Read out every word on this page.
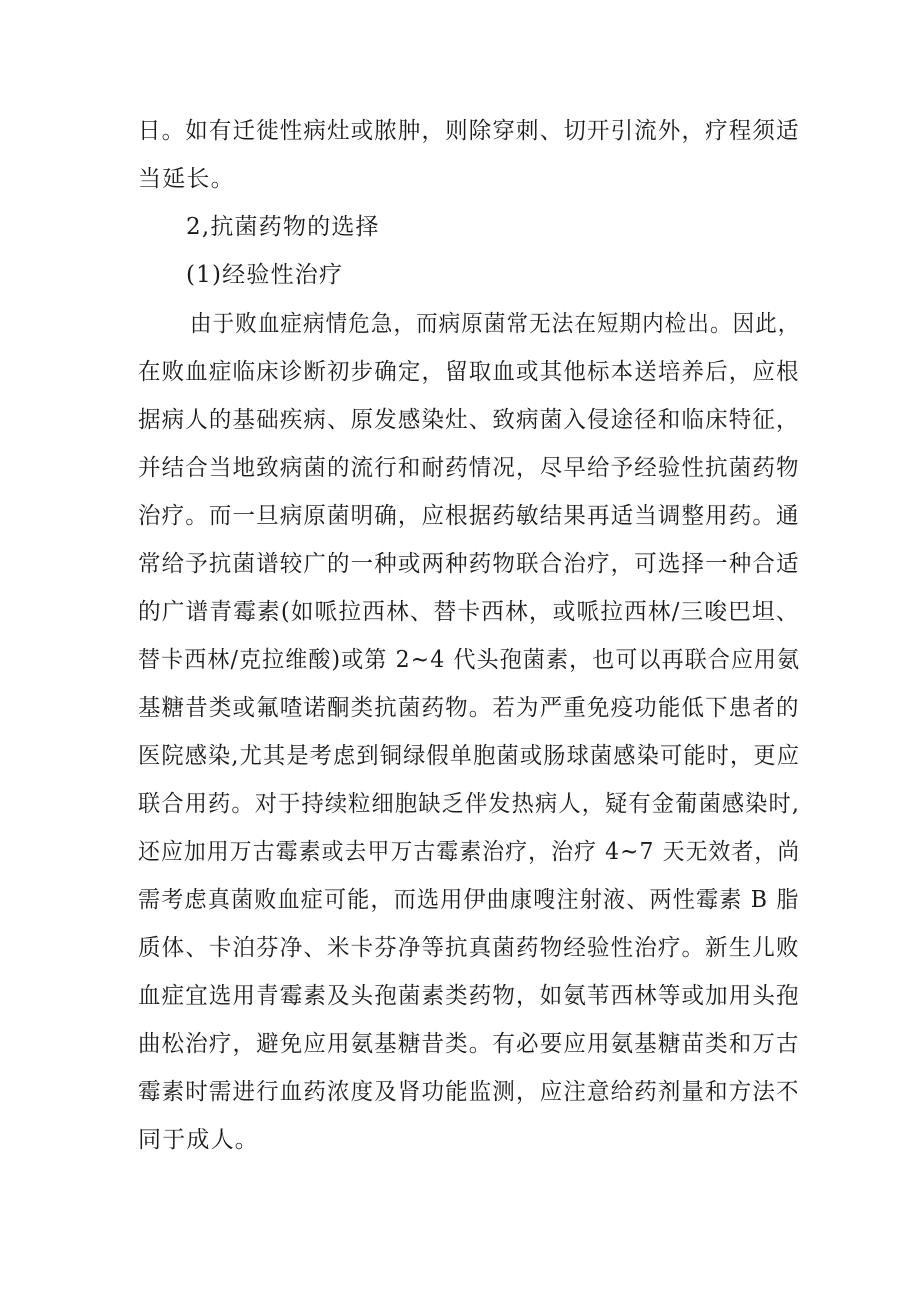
日。如有迁徙性病灶或脓肿，则除穿刺、切开引流外，疗程须适
当延长。
2,抗菌药物的选择
(1)经验性治疗
由于败血症病情危急，而病原菌常无法在短期内检出。因此，
在败血症临床诊断初步确定，留取血或其他标本送培养后，应根
据病人的基础疾病、原发感染灶、致病菌入侵途径和临床特征，
并结合当地致病菌的流行和耐药情况，尽早给予经验性抗菌药物
治疗。而一旦病原菌明确，应根据药敏结果再适当调整用药。通
常给予抗菌谱较广的一种或两种药物联合治疗，可选择一种合适
的广谱青霉素(如哌拉西林、替卡西林，或哌拉西林/三唆巴坦、
替卡西林/克拉维酸)或第 2~4 代头孢菌素，也可以再联合应用氨
基糖昔类或氟喳诺酮类抗菌药物。若为严重免疫功能低下患者的
医院感染,尤其是考虑到铜绿假单胞菌或肠球菌感染可能时，更应
联合用药。对于持续粒细胞缺乏伴发热病人，疑有金葡菌感染时,
还应加用万古霉素或去甲万古霉素治疗，治疗 4~7 天无效者，尚
需考虑真菌败血症可能，而选用伊曲康嗖注射液、两性霉素 B 脂
质体、卡泊芬净、米卡芬净等抗真菌药物经验性治疗。新生儿败
血症宜选用青霉素及头孢菌素类药物，如氨苇西林等或加用头孢
曲松治疗，避免应用氨基糖昔类。有必要应用氨基糖苗类和万古
霉素时需进行血药浓度及肾功能监测，应注意给药剂量和方法不
同于成人。
